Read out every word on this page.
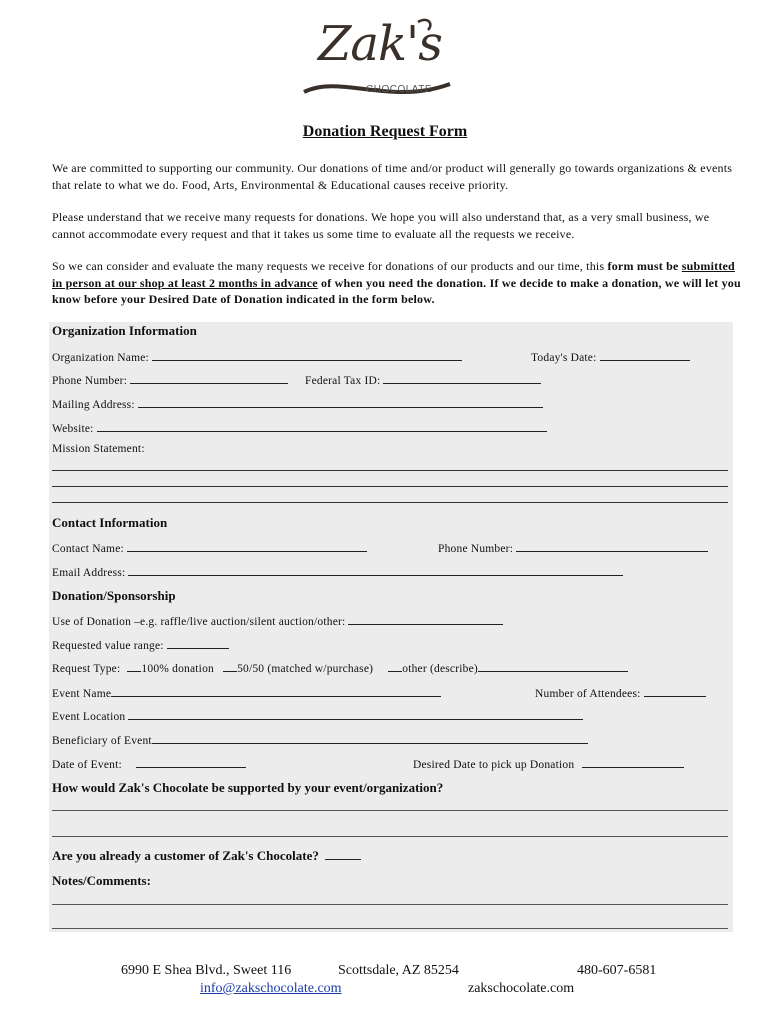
Zak's
CHOCOLATE
Donation Request Form
We are committed to supporting our community. Our donations of time and/or product will generally go towards organizations & events that relate to what we do. Food, Arts, Environmental & Educational causes receive priority.
Please understand that we receive many requests for donations. We hope you will also understand that, as a very small business, we cannot accommodate every request and that it takes us some time to evaluate all the requests we receive.
So we can consider and evaluate the many requests we receive for donations of our products and our time, this form must be submitted in person at our shop at least 2 months in advance of when you need the donation. If we decide to make a donation, we will let you know before your Desired Date of Donation indicated in the form below.
Organization Information
Organization Name:	Today's Date:
Phone Number:	Federal Tax ID:
Mailing Address:
Website:
Mission Statement:
Contact Information
Contact Name:	Phone Number:
Email Address:
Donation/Sponsorship
Use of Donation –e.g. raffle/live auction/silent auction/other:
Requested value range:
Request Type: 100% donation 50/50 (matched w/purchase)	other (describe)
Event Name	Number of Attendees:
Event Location
Beneficiary of Event
Date of Event:	Desired Date to pick up Donation
How would Zak's Chocolate be supported by your event/organization?
Are you already a customer of Zak's Chocolate?
Notes/Comments:
6990 E Shea Blvd., Sweet 116	Scottsdale, AZ 85254	480-607-6581
info@zakschocolate.com	zakschocolate.com
